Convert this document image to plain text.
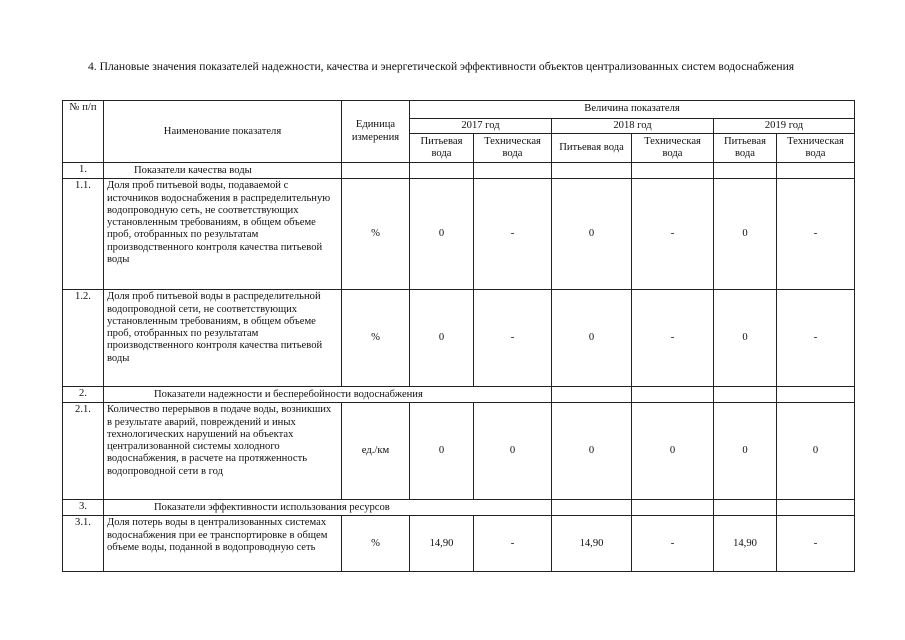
4. Плановые значения показателей надежности, качества и энергетической эффективности объектов централизованных систем водоснабжения
№ п/п	Наименование показателя	Единица измерения	Величина показателя					
			2017 год		2018 год		2019 год	
			Питьевая вода	Техническая вода	Питьевая вода	Техническая вода	Питьевая вода	Техническая вода
1.	Показатели качества воды							
1.1.	Доля проб питьевой воды, подаваемой с источников водоснабжения в распределительную водопроводную сеть, не соответствующих установленным требованиям, в общем объеме проб, отобранных по результатам производственного контроля качества питьевой воды	%	0	-	0	-	0	-
1.2.	Доля проб питьевой воды в распределительной водопроводной сети, не соответствующих установленным требованиям, в общем объеме проб, отобранных по результатам производственного контроля качества питьевой воды	%	0	-	0	-	0	-
2.	Показатели надежности и бесперебойности водоснабжения							
2.1.	Количество перерывов в подаче воды, возникших в результате аварий, повреждений и иных технологических нарушений на объектах централизованной системы холодного водоснабжения, в расчете на протяженность водопроводной сети в год	ед./км	0	0	0	0	0	0
3.	Показатели эффективности использования ресурсов							
3.1.	Доля потерь воды в централизованных системах водоснабжения при ее транспортировке в общем объеме воды, поданной в водопроводную сеть	%	14,90	-	14,90	-	14,90	-
